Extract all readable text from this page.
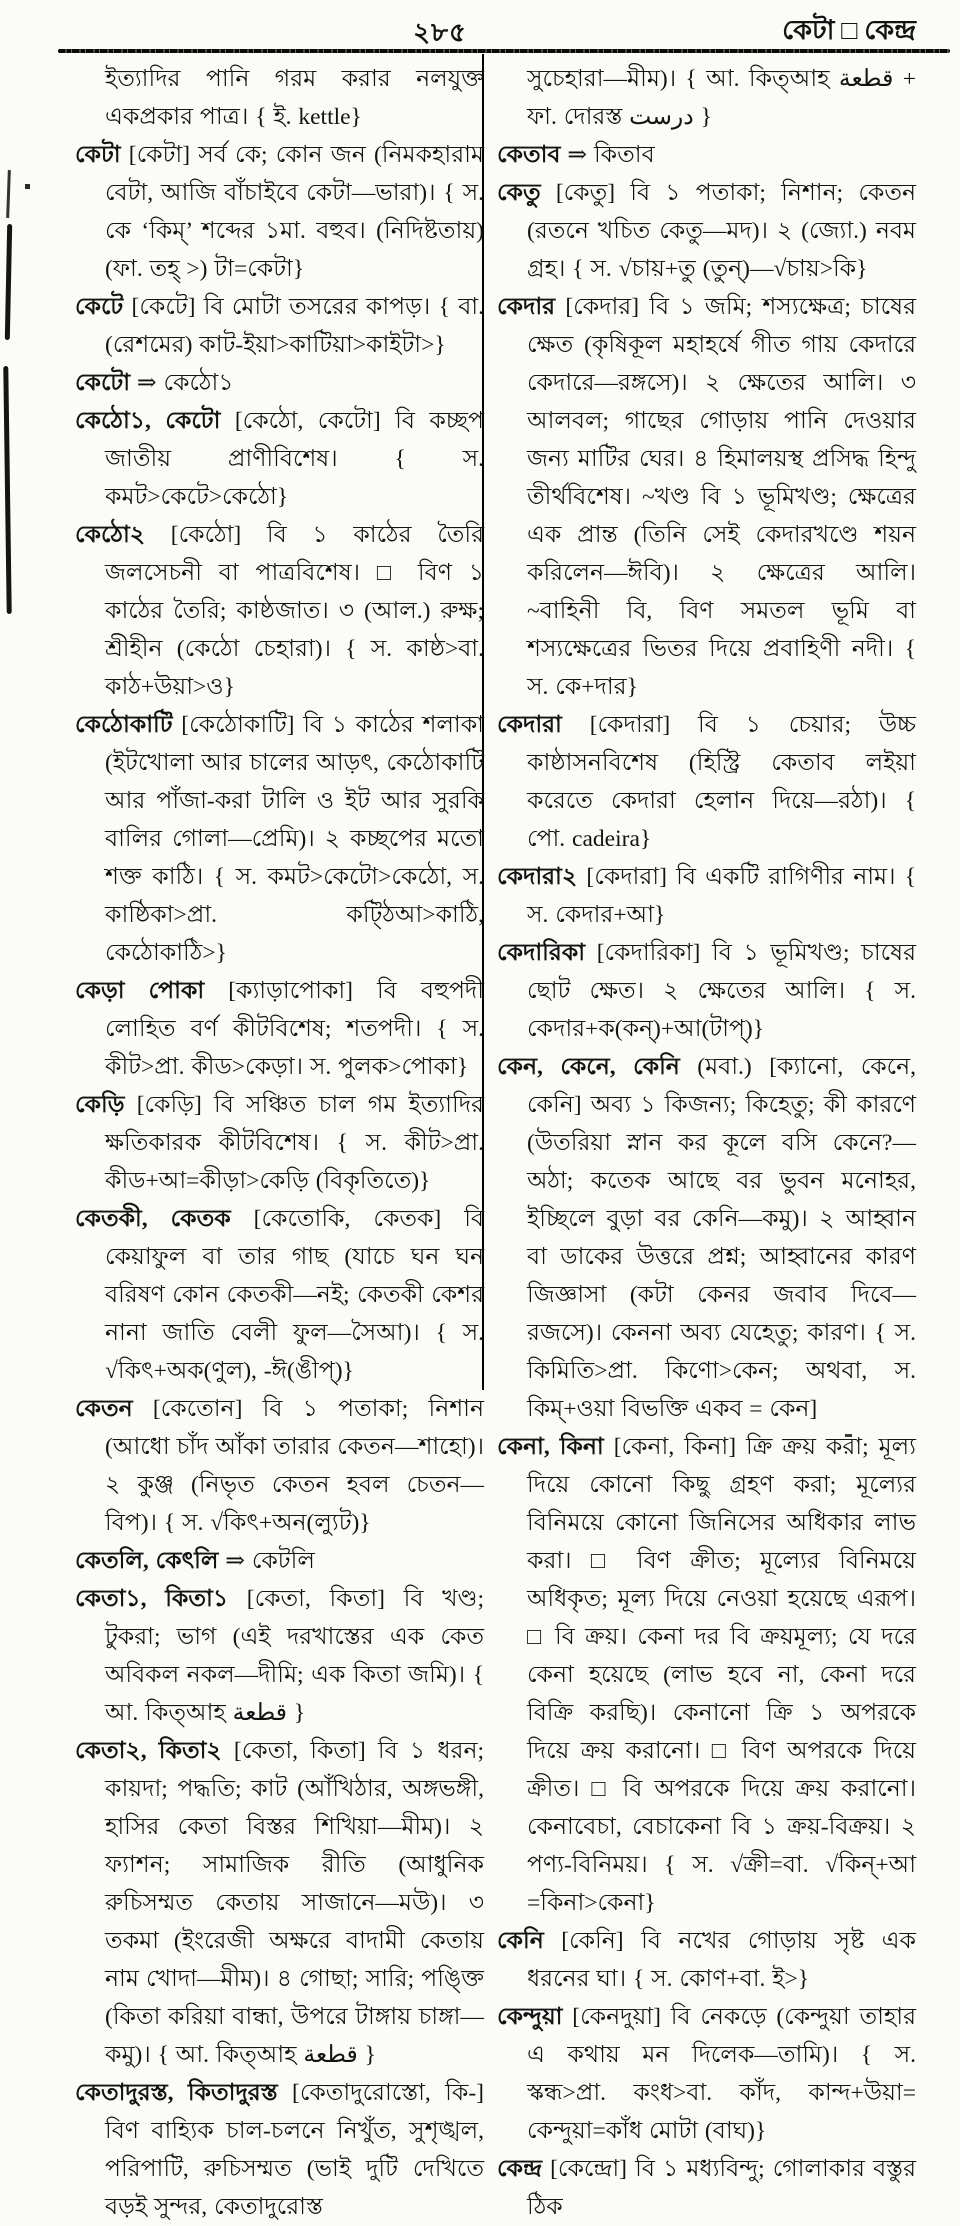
২৮৫	কেটা □ কেন্দ্র

ইত্যাদির পানি গরম করার নলযুক্ত একপ্রকার পাত্র। { ই. kettle}

কেটা [কেটা] সর্ব কে; কোন জন (নিমকহারাম বেটা, আজি বাঁচাইবে কেটা—ভারা)। { স. কে ‘কিম্’ শব্দের ১মা. বহুব। (নিদিষ্টতায়) (ফা. তহ্ >) টা=কেটা}

কেটে [কেটে] বি মোটা তসরের কাপড়। { বা. (রেশমের) কাট-ইয়া>কাটিয়া>কাইটা>}

কেটো ⇒ কেঠো১

কেঠো১, কেটো [কেঠো, কেটো] বি কচ্ছপ জাতীয় প্রাণীবিশেষ। { স. কমট>কেটে>কেঠো}

কেঠো২ [কেঠো] বি ১ কাঠের তৈরি জলসেচনী বা পাত্রবিশেষ। □ বিণ ১ কাঠের তৈরি; কাষ্ঠজাত। ৩ (আল.) রুক্ষ; শ্রীহীন (কেঠো চেহারা)। { স. কাষ্ঠ>বা. কাঠ+উয়া>ও}

কেঠোকাটি [কেঠোকাটি] বি ১ কাঠের শলাকা (ইটখোলা আর চালের আড়ৎ, কেঠোকাটি আর পাঁজা-করা টালি ও ইট আর সুরকি বালির গোলা—প্রেমি)। ২ কচ্ছপের মতো শক্ত কাঠি। { স. কমট>কেটো>কেঠো, স. কাষ্ঠিকা>প্রা. কট্ঠিআ>কাঠি, কেঠোকাঠি>}

কেড়া পোকা [ক্যাড়াপোকা] বি বহুপদী লোহিত বর্ণ কীটবিশেষ; শতপদী। { স. কীট>প্রা. কীড>কেড়া। স. পুলক>পোকা}

কেড়ি [কেড়ি] বি সঞ্চিত চাল গম ইত্যাদির ক্ষতিকারক কীটবিশেষ। { স. কীট>প্রা. কীড+আ=কীড়া>কেড়ি (বিকৃতিতে)}

কেতকী, কেতক [কেতোকি, কেতক] বি কেয়াফুল বা তার গাছ (যাচে ঘন ঘন বরিষণ কোন কেতকী—নই; কেতকী কেশর নানা জাতি বেলী ফুল—সৈআ)। { স. √কিৎ+অক(ণুল), -ঈ(ঙীপ্)}

কেতন [কেতোন] বি ১ পতাকা; নিশান (আধো চাঁদ আঁকা তারার কেতন—শাহো)। ২ কুঞ্জ (নিভৃত কেতন হবল চেতন—বিপ)। { স. √কিৎ+অন(ল্যুট)}

কেতলি, কেৎলি ⇒ কেটলি

কেতা১, কিতা১ [কেতা, কিতা] বি খণ্ড; টুকরা; ভাগ (এই দরখাস্তের এক কেত অবিকল নকল—দীমি; এক কিতা জমি)। { আ. কিত্আহ قطعة }

কেতা২, কিতা২ [কেতা, কিতা] বি ১ ধরন; কায়দা; পদ্ধতি; কাট (আঁখিঠার, অঙ্গভঙ্গী, হাসির কেতা বিস্তর শিখিয়া—মীম)। ২ ফ্যাশন; সামাজিক রীতি (আধুনিক রুচিসম্মত কেতায় সাজানে—মউ)। ৩ তকমা (ইংরেজী অক্ষরে বাদামী কেতায় নাম খোদা—মীম)। ৪ গোছা; সারি; পঙ্ক্তি (কিতা করিয়া বান্ধা, উপরে টাঙ্গায় চাঙ্গা—কমু)। { আ. কিত্আহ قطعة }

কেতাদুরস্ত, কিতাদুরস্ত [কেতাদুরোস্তো, কি-] বিণ বাহ্যিক চাল-চলনে নিখুঁত, সুশৃঙ্খল, পরিপাটি, রুচিসম্মত (ভাই দুটি দেখিতে বড়ই সুন্দর, কেতাদুরোস্ত

সুচেহারা—মীম)। { আ. কিত্আহ قطعة + ফা. দোরস্ত درست }

কেতাব ⇒ কিতাব

কেতু [কেতু] বি ১ পতাকা; নিশান; কেতন (রতনে খচিত কেতু—মদ)। ২ (জ্যো.) নবম গ্রহ। { স. √চায়+তু (তুন্)—√চায়>কি}

কেদার [কেদার] বি ১ জমি; শস্যক্ষেত্র; চাষের ক্ষেত (কৃষিকূল মহাহর্ষে গীত গায় কেদারে কেদারে—রঙ্গসে)। ২ ক্ষেতের আলি। ৩ আলবল; গাছের গোড়ায় পানি দেওয়ার জন্য মাটির ঘের। ৪ হিমালয়স্থ প্রসিদ্ধ হিন্দু তীর্থবিশেষ। ~খণ্ড বি ১ ভূমিখণ্ড; ক্ষেত্রের এক প্রান্ত (তিনি সেই কেদারখণ্ডে শয়ন করিলেন—ঈবি)। ২ ক্ষেত্রের আলি। ~বাহিনী বি, বিণ সমতল ভূমি বা শস্যক্ষেত্রের ভিতর দিয়ে প্রবাহিণী নদী। { স. কে+দার}

কেদারা [কেদারা] বি ১ চেয়ার; উচ্চ কাষ্ঠাসনবিশেষ (হিস্ট্রি কেতাব লইয়া করেতে কেদারা হেলান দিয়ে—রঠা)। { পো. cadeira}

কেদারা২ [কেদারা] বি একটি রাগিণীর নাম। { স. কেদার+আ}

কেদারিকা [কেদারিকা] বি ১ ভূমিখণ্ড; চাষের ছোট ক্ষেত। ২ ক্ষেতের আলি। { স. কেদার+ক(কন্)+আ(টাপ্)}

কেন, কেনে, কেনি (মবা.) [ক্যানো, কেনে, কেনি] অব্য ১ কিজন্য; কিহেতু; কী কারণে (উতরিয়া স্নান কর কূলে বসি কেনে?—অঠা; কতেক আছে বর ভুবন মনোহর, ইচ্ছিলে বুড়া বর কেনি—কমু)। ২ আহ্বান বা ডাকের উত্তরে প্রশ্ন; আহ্বানের কারণ জিজ্ঞাসা (কটা কেনর জবাব দিবে—রজসে)। কেননা অব্য যেহেতু; কারণ। { স. কিমিতি>প্রা. কিণো>কেন; অথবা, স. কিম্+ওয়া বিভক্তি একব = কেন]

কেনা, কিনা [কেনা, কিনা] ক্রি ক্রয় করা; মূল্য দিয়ে কোনো কিছু গ্রহণ করা; মূল্যের বিনিময়ে কোনো জিনিসের অধিকার লাভ করা। □ বিণ ক্রীত; মূল্যের বিনিময়ে অধিকৃত; মূল্য দিয়ে নেওয়া হয়েছে এরূপ। □ বি ক্রয়। কেনা দর বি ক্রয়মূল্য; যে দরে কেনা হয়েছে (লাভ হবে না, কেনা দরে বিক্রি করছি)। কেনানো ক্রি ১ অপরকে দিয়ে ক্রয় করানো। □ বিণ অপরকে দিয়ে ক্রীত। □ বি অপরকে দিয়ে ক্রয় করানো। কেনাবেচা, বেচাকেনা বি ১ ক্রয়-বিক্রয়। ২ পণ্য-বিনিময়। { স. √ক্রী=বা. √কিন্+আ =কিনা>কেনা}

কেনি [কেনি] বি নখের গোড়ায় সৃষ্ট এক ধরনের ঘা। { স. কোণ+বা. ই>}

কেন্দুয়া [কেনদুয়া] বি নেকড়ে (কেন্দুয়া তাহার এ কথায় মন দিলেক—তামি)। { স. স্কন্ধ>প্রা. কংধ>বা. কাঁদ, কান্দ+উয়া= কেন্দুয়া=কাঁধ মোটা (বাঘ)}

কেন্দ্র [কেন্দ্রো] বি ১ মধ্যবিন্দু; গোলাকার বস্তুর ঠিক
